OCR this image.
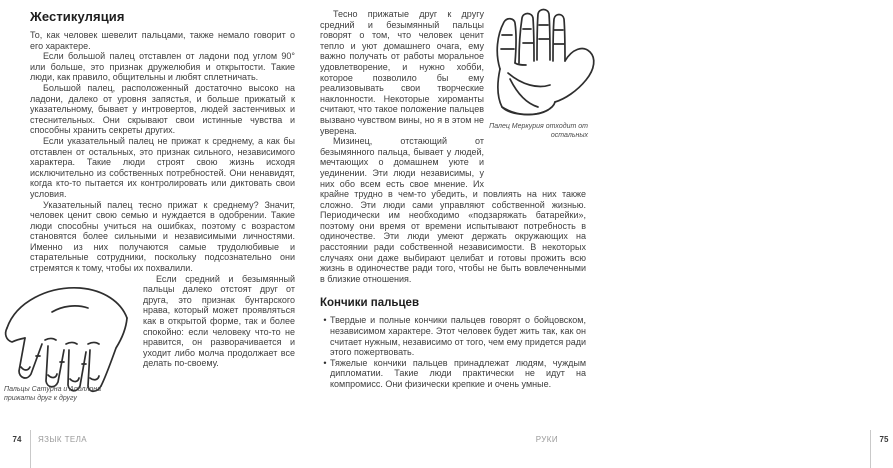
Жестикуляция
Пальцы Сатурна и Аполлона прижаты друг к другу

То, как человек шевелит пальцами, также немало говорит о его характере.

Если большой палец отставлен от ладони под углом 90° или больше, это признак дружелюбия и открытости. Такие люди, как правило, общительны и любят сплетничать.

Большой палец, расположенный достаточно высоко на ладони, далеко от уровня запястья, и больше прижатый к указательному, бывает у интровертов, людей застенчивых и стеснительных. Они скрывают свои истинные чувства и способны хранить секреты других.

Если указательный палец не прижат к среднему, а как бы отставлен от остальных, это признак сильного, независимого характера. Такие люди строят свою жизнь исходя исключительно из собственных потребностей. Они ненавидят, когда кто-то пытается их контролировать или диктовать свои условия.

Указательный палец тесно прижат к среднему? Значит, человек ценит свою семью и нуждается в одобрении. Такие люди способны учиться на ошибках, поэтому с возрастом становятся более сильными и независимыми личностями. Именно из них получаются самые трудолюбивые и старательные сотрудники, поскольку подсознательно они стремятся к тому, чтобы их похвалили.

Если средний и безымянный пальцы далеко отстоят друг от друга, это признак бунтарского нрава, который может проявляться как в открытой форме, так и более спокойно: если человеку что-то не нравится, он разворачивается и уходит либо молча продолжает все делать по-своему.

74	ЯЗЫК ТЕЛА
Палец Меркурия отходит от остальных

Тесно прижатые друг к другу средний и безымянный пальцы говорят о том, что человек ценит тепло и уют домашнего очага, ему важно получать от работы моральное удовлетворение, и нужно хобби, которое позволило бы ему реализовывать свои творческие наклонности. Некоторые хироманты считают, что такое положение пальцев вызвано чувством вины, но я в этом не уверена.

Мизинец, отстающий от безымянного пальца, бывает у людей, мечтающих о домашнем уюте и уединении. Эти люди независимы, у них обо всем есть свое мнение. Их крайне трудно в чем-то убедить, и повлиять на них также сложно. Эти люди сами управляют собственной жизнью. Периодически им необходимо «подзаряжать батарейки», поэтому они время от времени испытывают потребность в одиночестве. Эти люди умеют держать окружающих на расстоянии ради собственной независимости. В некоторых случаях они даже выбирают целибат и готовы прожить всю жизнь в одиночестве ради того, чтобы не быть вовлеченными в близкие отношения.

Кончики пальцев
• Твердые и полные кончики пальцев говорят о бойцовском, независимом характере. Этот человек будет жить так, как он считает нужным, независимо от того, чем ему придется ради этого пожертвовать.
• Тяжелые кончики пальцев принадлежат людям, чуждым дипломатии. Такие люди практически не идут на компромисс. Они физически крепкие и очень умные.
РУКИ	75
